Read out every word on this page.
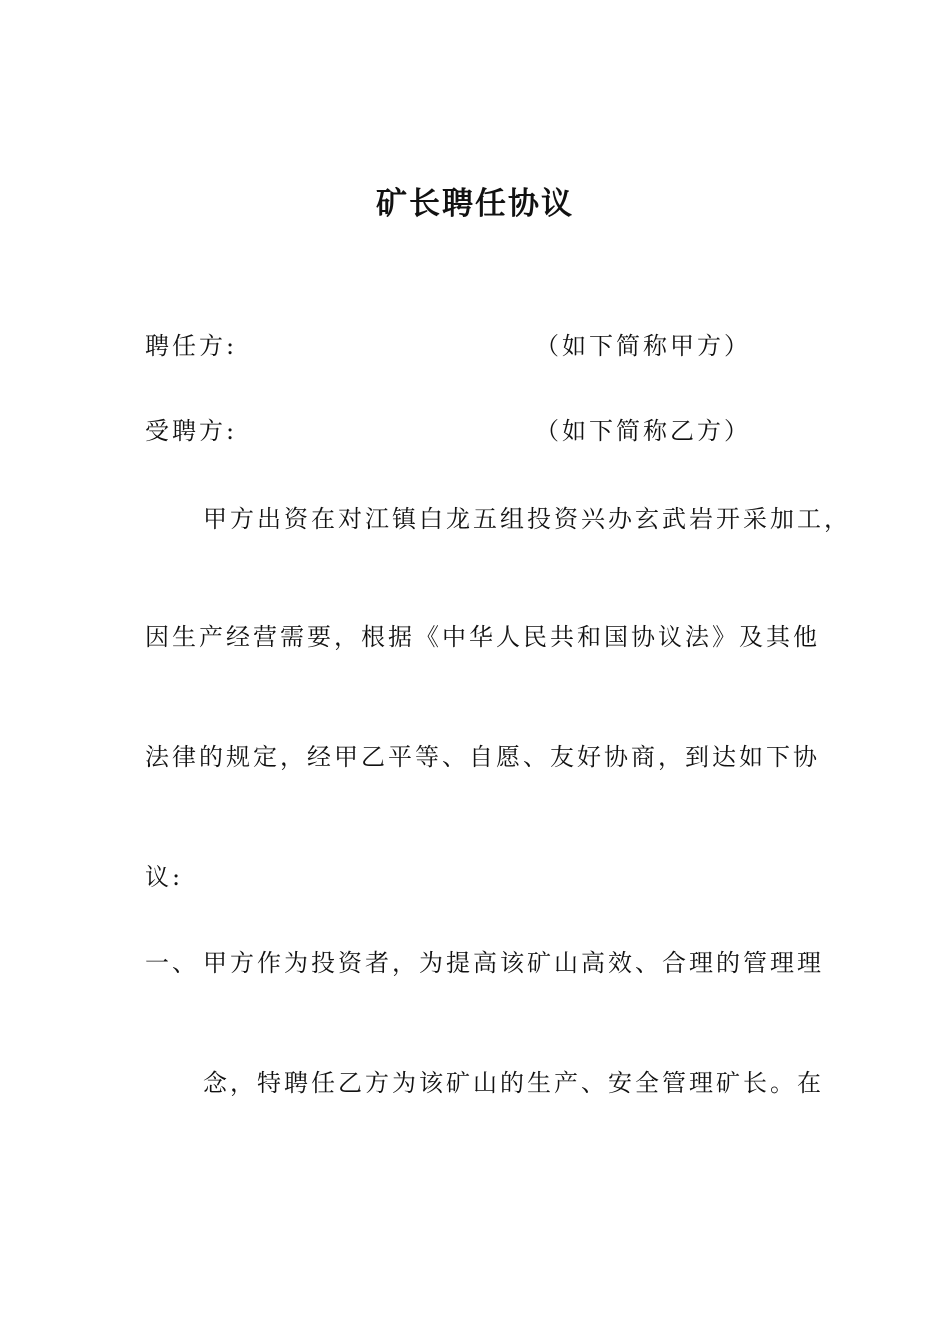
矿长聘任协议
聘任方:	（如下简称甲方）
受聘方:	（如下简称乙方）
甲方出资在对江镇白龙五组投资兴办玄武岩开采加工，
因生产经营需要，根据《中华人民共和国协议法》及其他
法律的规定，经甲乙平等、自愿、友好协商，到达如下协
议:
一、 甲方作为投资者，为提高该矿山高效、合理的管理理
念，特聘任乙方为该矿山的生产、安全管理矿长。在
